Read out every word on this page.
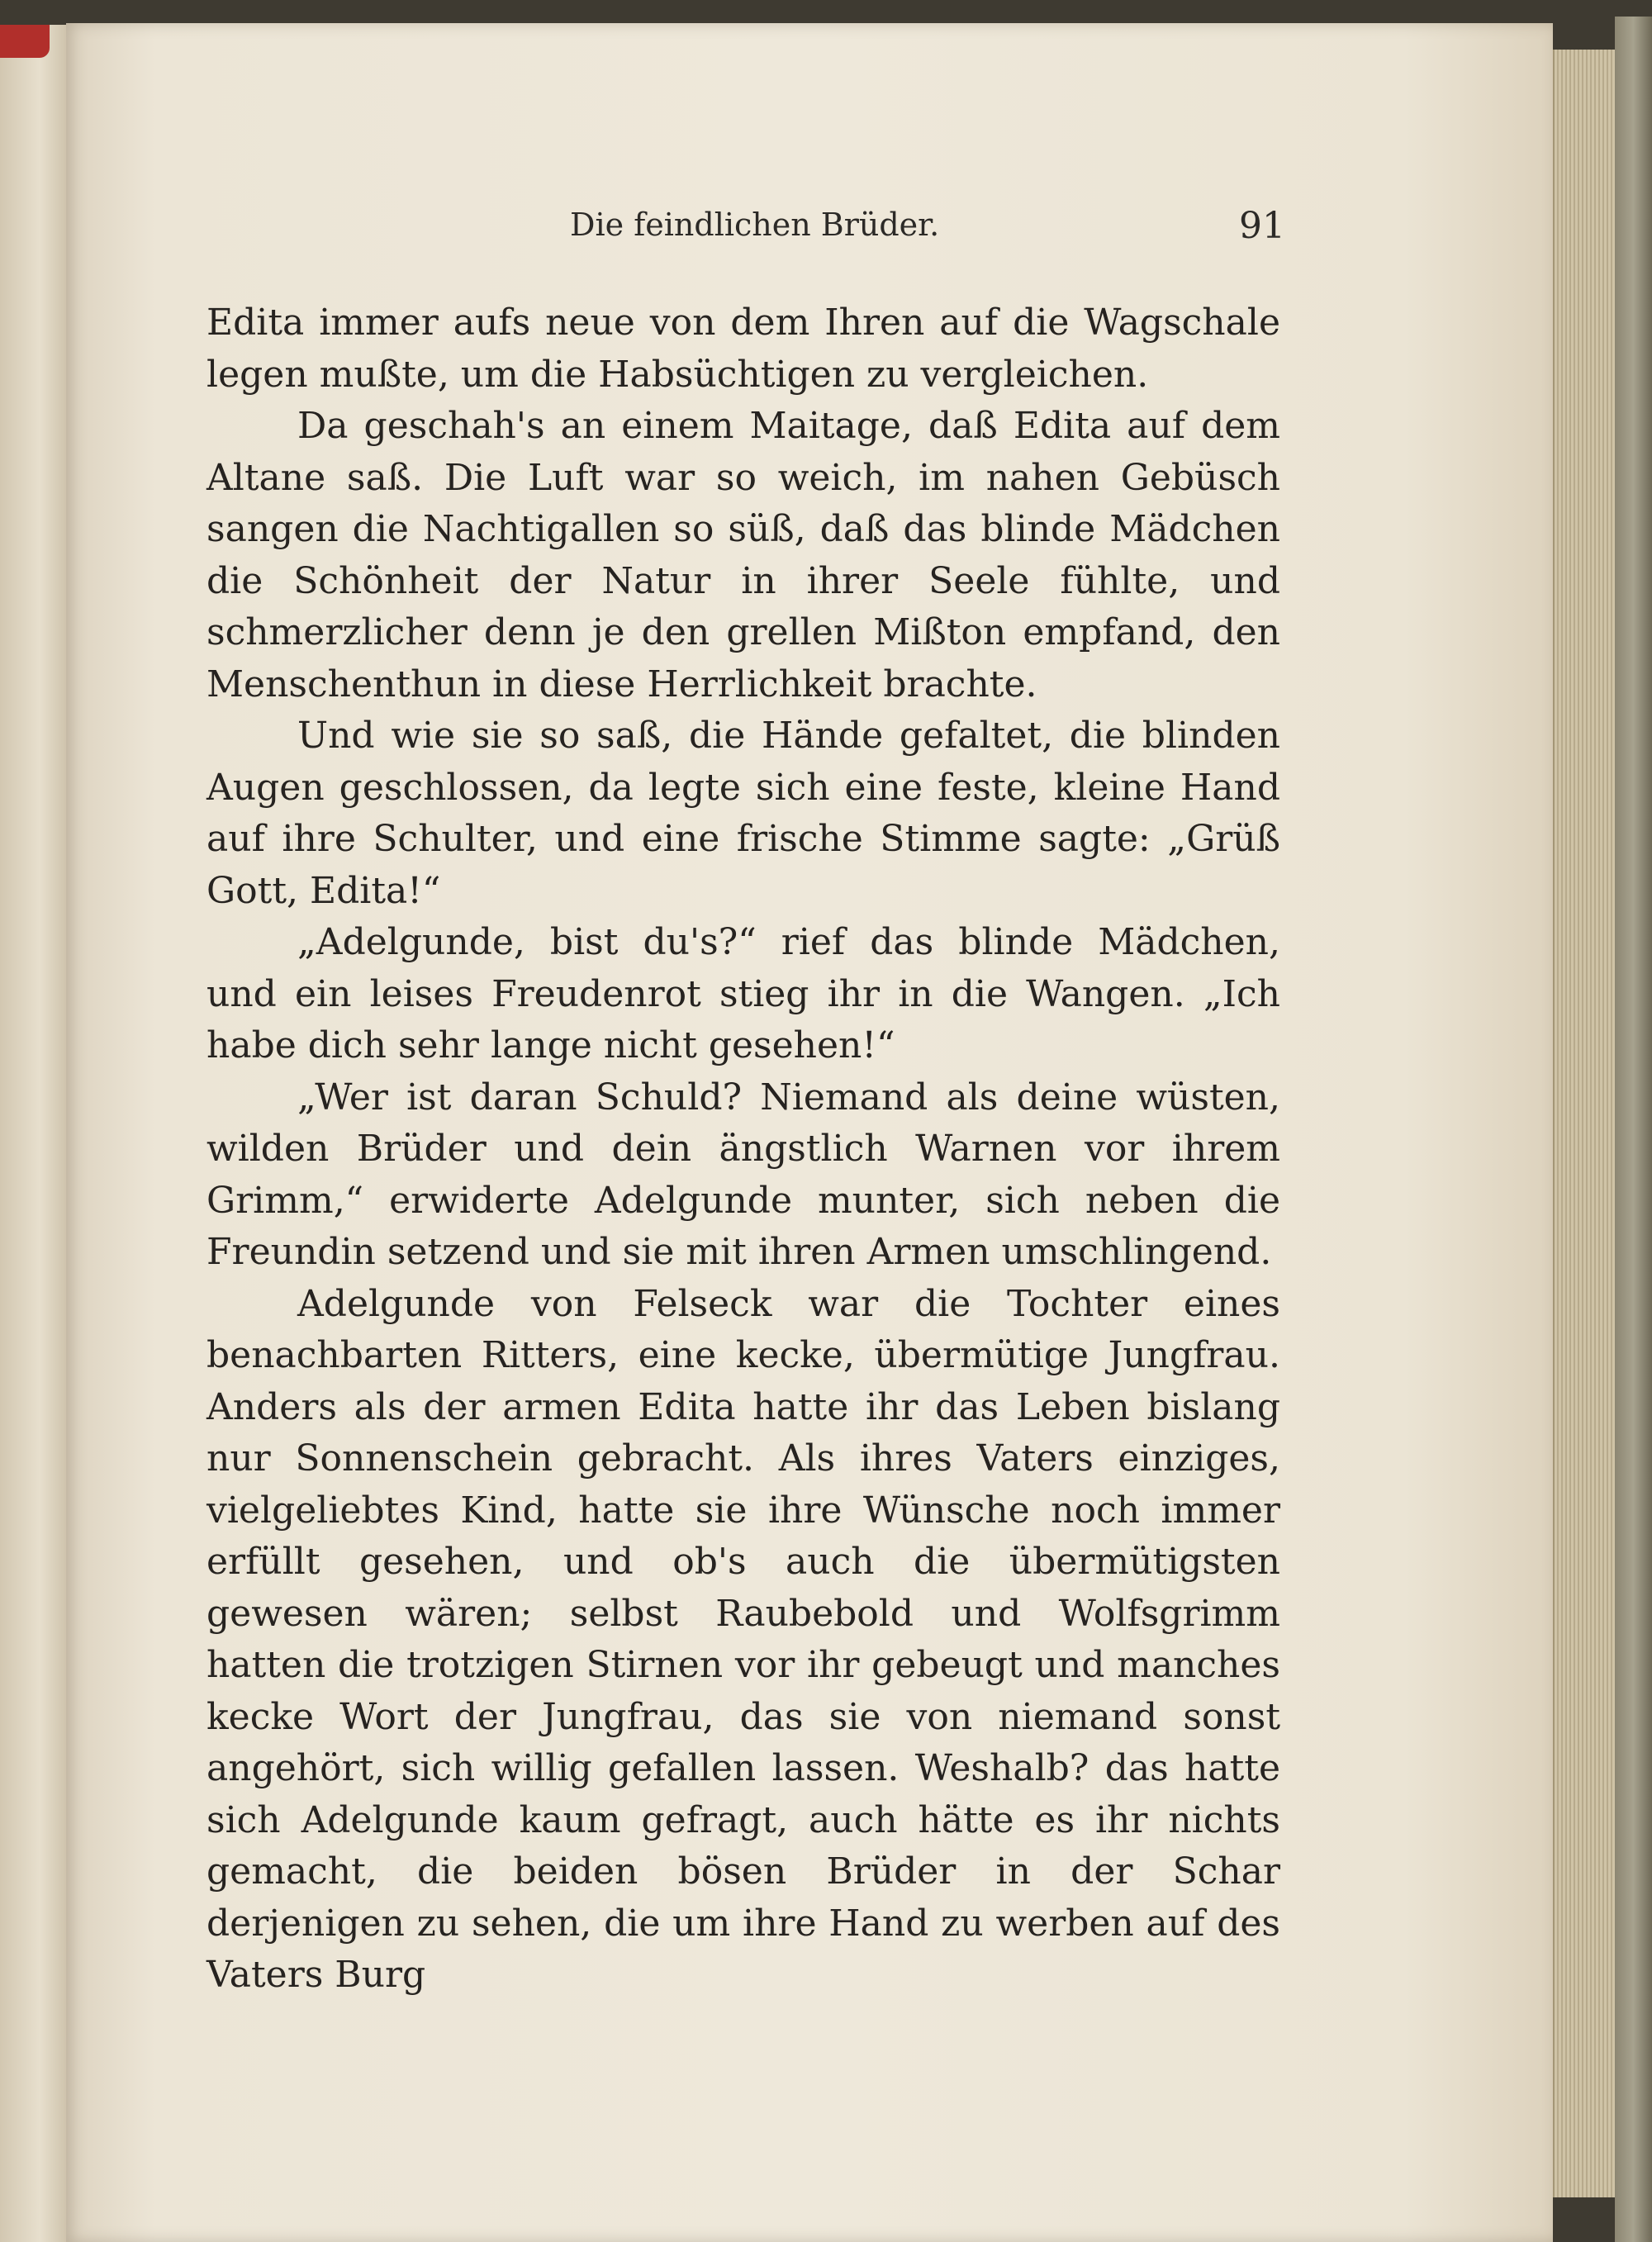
Die feindlichen Brüder.	91

Edita immer aufs neue von dem Ihren auf die Wagschale legen mußte, um die Habsüchtigen zu vergleichen.

Da geschah's an einem Maitage, daß Edita auf dem Altane saß. Die Luft war so weich, im nahen Gebüsch sangen die Nachtigallen so süß, daß das blinde Mädchen die Schönheit der Natur in ihrer Seele fühlte, und schmerzlicher denn je den grellen Mißton empfand, den Menschenthun in diese Herrlichkeit brachte.

Und wie sie so saß, die Hände gefaltet, die blinden Augen geschlossen, da legte sich eine feste, kleine Hand auf ihre Schulter, und eine frische Stimme sagte: „Grüß Gott, Edita!“

„Adelgunde, bist du's?“ rief das blinde Mädchen, und ein leises Freudenrot stieg ihr in die Wangen. „Ich habe dich sehr lange nicht gesehen!“

„Wer ist daran Schuld? Niemand als deine wüsten, wilden Brüder und dein ängstlich Warnen vor ihrem Grimm,“ erwiderte Adelgunde munter, sich neben die Freundin setzend und sie mit ihren Armen umschlingend.

Adelgunde von Felseck war die Tochter eines benachbarten Ritters, eine kecke, übermütige Jungfrau. Anders als der armen Edita hatte ihr das Leben bislang nur Sonnenschein gebracht. Als ihres Vaters einziges, vielgeliebtes Kind, hatte sie ihre Wünsche noch immer erfüllt gesehen, und ob's auch die übermütigsten gewesen wären; selbst Raubebold und Wolfsgrimm hatten die trotzigen Stirnen vor ihr gebeugt und manches kecke Wort der Jungfrau, das sie von niemand sonst angehört, sich willig gefallen lassen. Weshalb? das hatte sich Adelgunde kaum gefragt, auch hätte es ihr nichts gemacht, die beiden bösen Brüder in der Schar derjenigen zu sehen, die um ihre Hand zu werben auf des Vaters Burg
